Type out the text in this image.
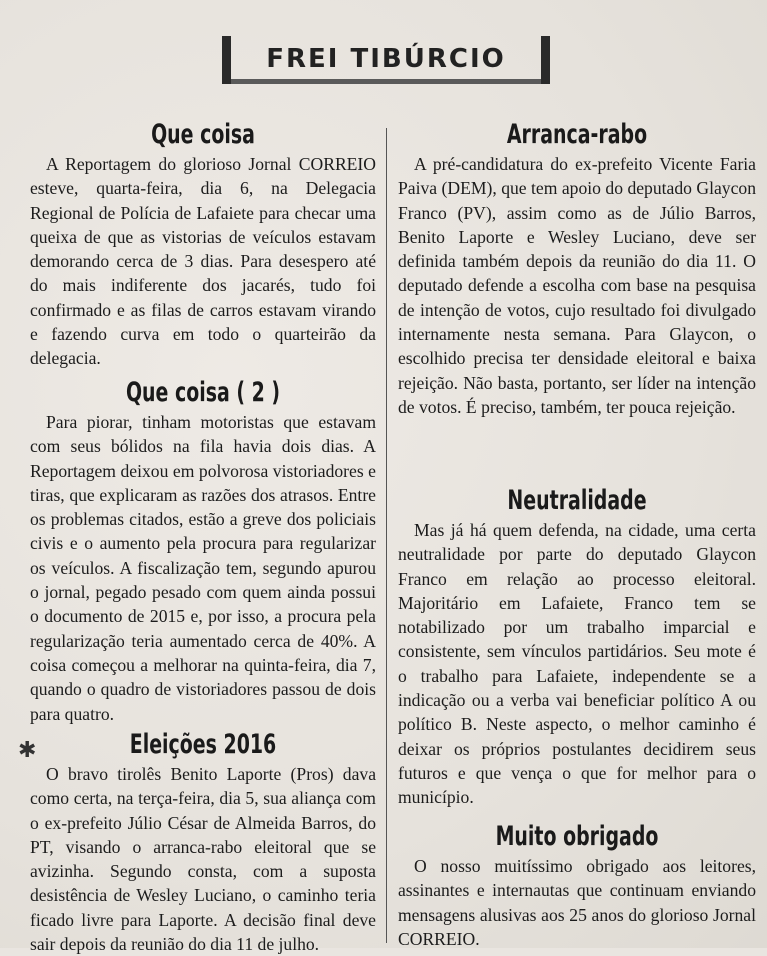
FREI TIBÚRCIO
Que coisa

A Reportagem do glorioso Jornal CORREIO esteve, quarta-feira, dia 6, na Delegacia Regional de Polícia de Lafaiete para checar uma queixa de que as vistorias de veículos estavam demorando cerca de 3 dias. Para desespero até do mais indiferente dos jacarés, tudo foi confirmado e as filas de carros estavam virando e fazendo curva em todo o quarteirão da delegacia.

Que coisa ( 2 )

Para piorar, tinham motoristas que estavam com seus bólidos na fila havia dois dias. A Reportagem deixou em polvorosa vistoriadores e tiras, que explicaram as razões dos atrasos. Entre os problemas citados, estão a greve dos policiais civis e o aumento pela procura para regularizar os veículos. A fiscalização tem, segundo apurou o jornal, pegado pesado com quem ainda possui o documento de 2015 e, por isso, a procura pela regularização teria aumentado cerca de 40%. A coisa começou a melhorar na quinta-feira, dia 7, quando o quadro de vistoriadores passou de dois para quatro.

Eleições 2016

O bravo tirolês Benito Laporte (Pros) dava como certa, na terça-feira, dia 5, sua aliança com o ex-prefeito Júlio César de Almeida Barros, do PT, visando o arranca-rabo eleitoral que se avizinha. Segundo consta, com a suposta desistência de Wesley Luciano, o caminho teria ficado livre para Laporte. A decisão final deve sair depois da reunião do dia 11 de julho.

✱
Arranca-rabo

A pré-candidatura do ex-prefeito Vicente Faria Paiva (DEM), que tem apoio do deputado Glaycon Franco (PV), assim como as de Júlio Barros, Benito Laporte e Wesley Luciano, deve ser definida também depois da reunião do dia 11. O deputado defende a escolha com base na pesquisa de intenção de votos, cujo resultado foi divulgado internamente nesta semana. Para Glaycon, o escolhido precisa ter densidade eleitoral e baixa rejeição. Não basta, portanto, ser líder na intenção de votos. É preciso, também, ter pouca rejeição.

Neutralidade

Mas já há quem defenda, na cidade, uma certa neutralidade por parte do deputado Glaycon Franco em relação ao processo eleitoral. Majoritário em Lafaiete, Franco tem se notabilizado por um trabalho imparcial e consistente, sem vínculos partidários. Seu mote é o trabalho para Lafaiete, independente se a indicação ou a verba vai beneficiar político A ou político B. Neste aspecto, o melhor caminho é deixar os próprios postulantes decidirem seus futuros e que vença o que for melhor para o município.

Muito obrigado

O nosso muitíssimo obrigado aos leitores, assinantes e internautas que continuam enviando mensagens alusivas aos 25 anos do glorioso Jornal CORREIO.
